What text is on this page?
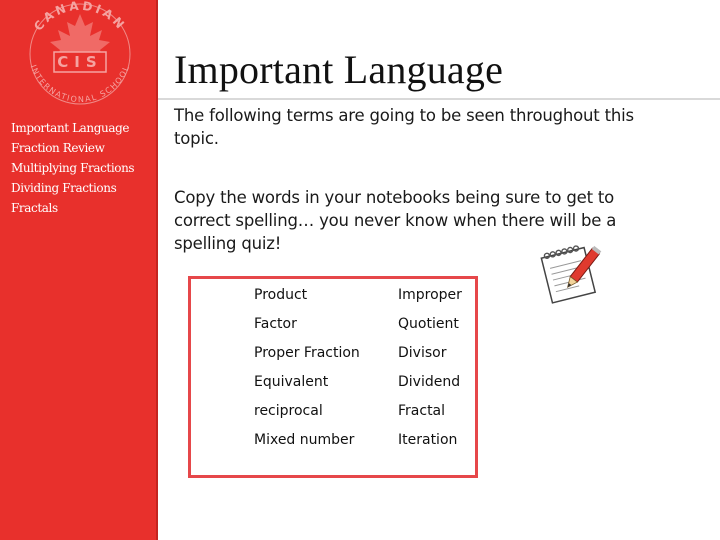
CANADIAN
INTERNATIONAL SCHOOL
CIS
Important Language
Fraction Review
Multiplying Fractions
Dividing Fractions
Fractals
Important Language

The following terms are going to be seen throughout this topic.

Copy the words in your notebooks being sure to get to correct spelling… you never know when there will be a spelling quiz!

Product	Improper
Factor	Quotient
Proper Fraction	Divisor
Equivalent	Dividend
reciprocal	Fractal
Mixed number	Iteration
